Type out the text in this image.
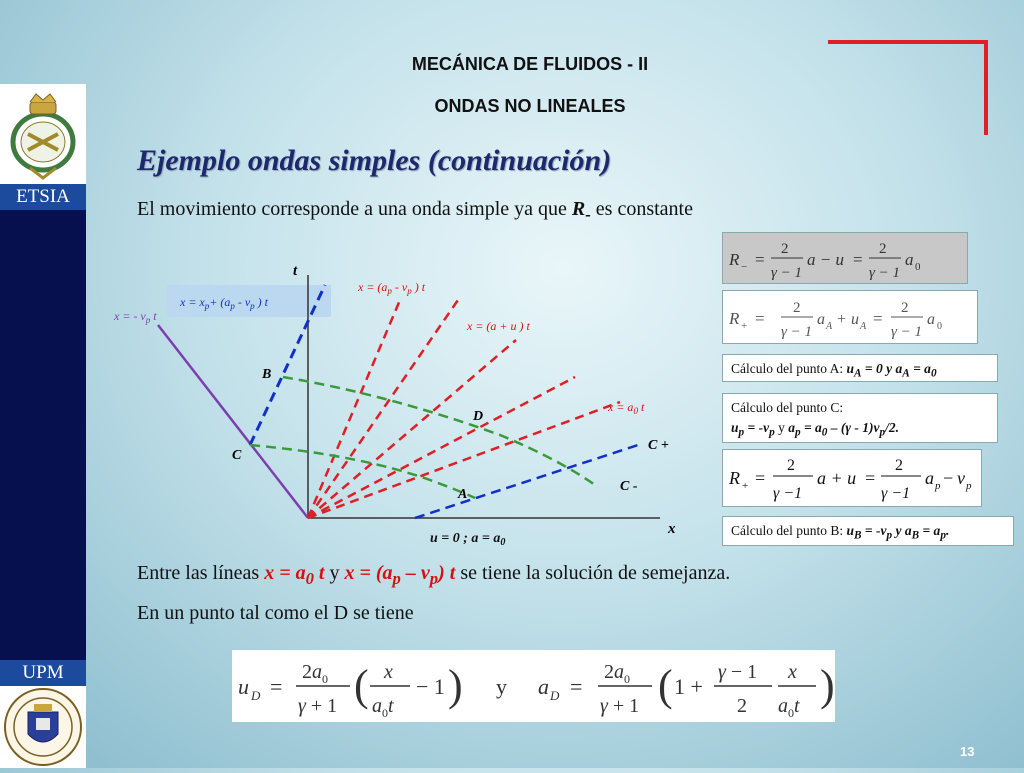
ETSIA
UPM
MECÁNICA DE FLUIDOS - II
ONDAS NO LINEALES
Ejemplo ondas simples (continuación)
El movimiento corresponde a una onda simple ya que $R_-$ es constante
t
x
B
C
D
A
C +
C -
x = - $v_p$ t
$x = x_p+ (a_p - v_p$ ) t
$x = (a_p - v_p$ ) t
x = (a + u ) t
$x = a_0$ t
u = 0 ; $a = a_0$
R − =
2
γ − 1
a − u =
2
γ − 1
a 0
R + =
2
γ − 1
a A + u A =
2
γ − 1
a 0
Cálculo del punto A: $u_A = 0$ y $a_A = a_0$
Cálculo del punto C:
$u_p = -v_p$ y $a_p = a_0 - (\gamma - 1)v_p/2$.
R + =
2
γ −1
a + u =
2
γ −1
a p − v p
Cálculo del punto B: $u_B = -v_p$ y $a_B = a_p$.
Entre las líneas $x = a_0$ t y $x = (a_p - v_p)$ t se tiene la solución de semejanza.
En un punto tal como el D se tiene
u D =
$2a_0$
γ + 1 ( x
$a_0t$
− 1 ) y a D =
$2a_0$
γ + 1 ( 1 +
γ − 1
2
x
$a_0t$ )
13
